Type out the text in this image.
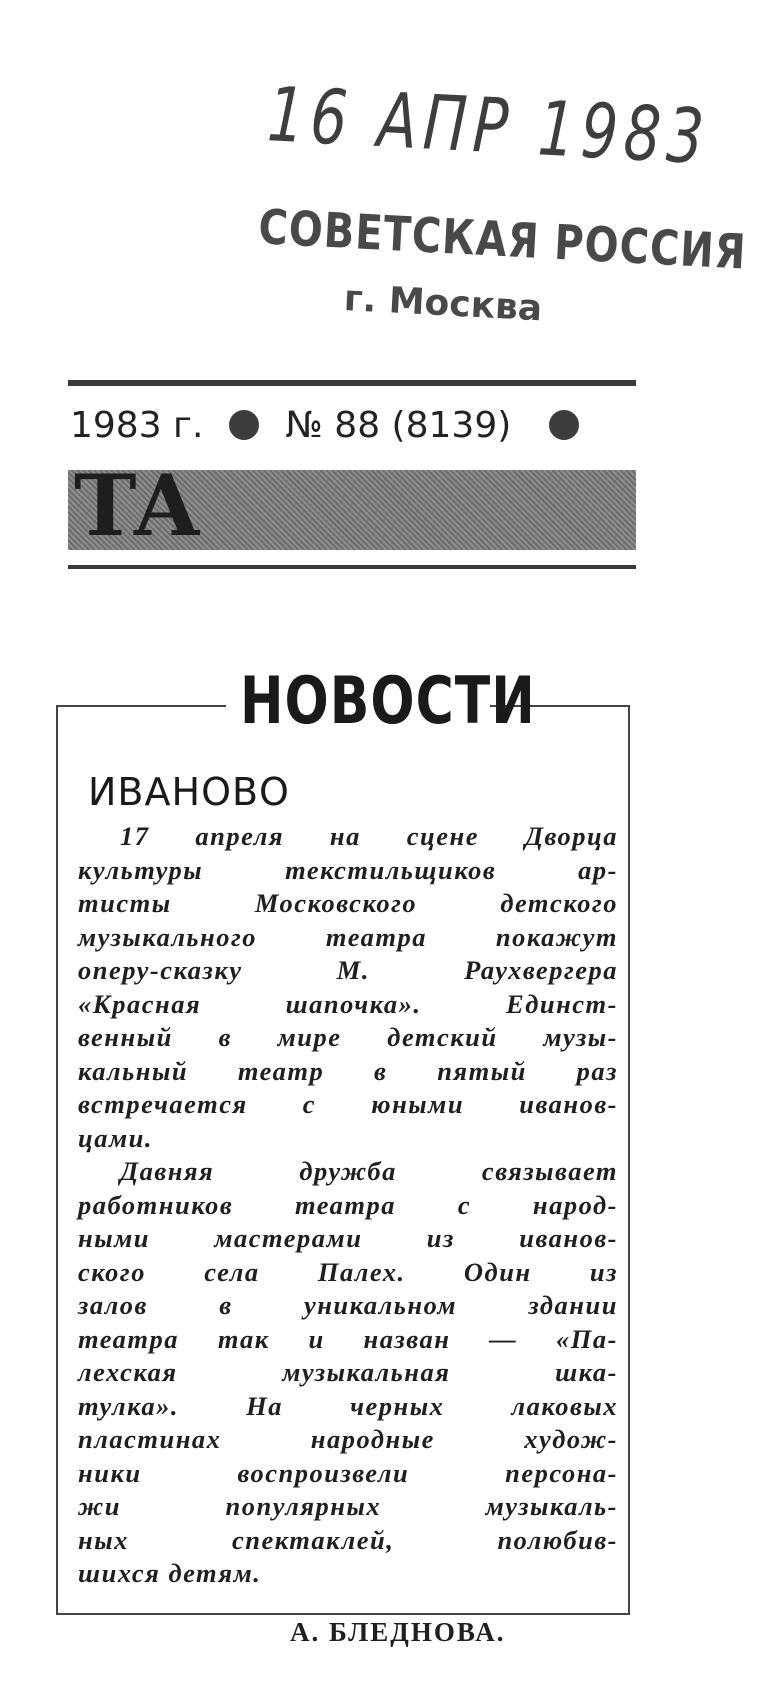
16 АПР 1983
СОВЕТСКАЯ РОССИЯ
г. Москва
1983 г. № 88 (8139)
ТА
НОВОСТИ
ИВАНОВО
17 апреля на сцене Дворца
культуры текстильщиков ар-
тисты Московского детского
музыкального театра покажут
оперу-сказку М. Раухвергера
«Красная шапочка». Единст-
венный в мире детский музы-
кальный театр в пятый раз
встречается с юными иванов-
цами.
Давняя дружба связывает
работников театра с народ-
ными мастерами из иванов-
ского села Палех. Один из
залов в уникальном здании
театра так и назван — «Па-
лехская музыкальная шка-
тулка». На черных лаковых
пластинах народные худож-
ники воспроизвели персона-
жи популярных музыкаль-
ных спектаклей, полюбив-
шихся детям.
А. БЛЕДНОВА.
